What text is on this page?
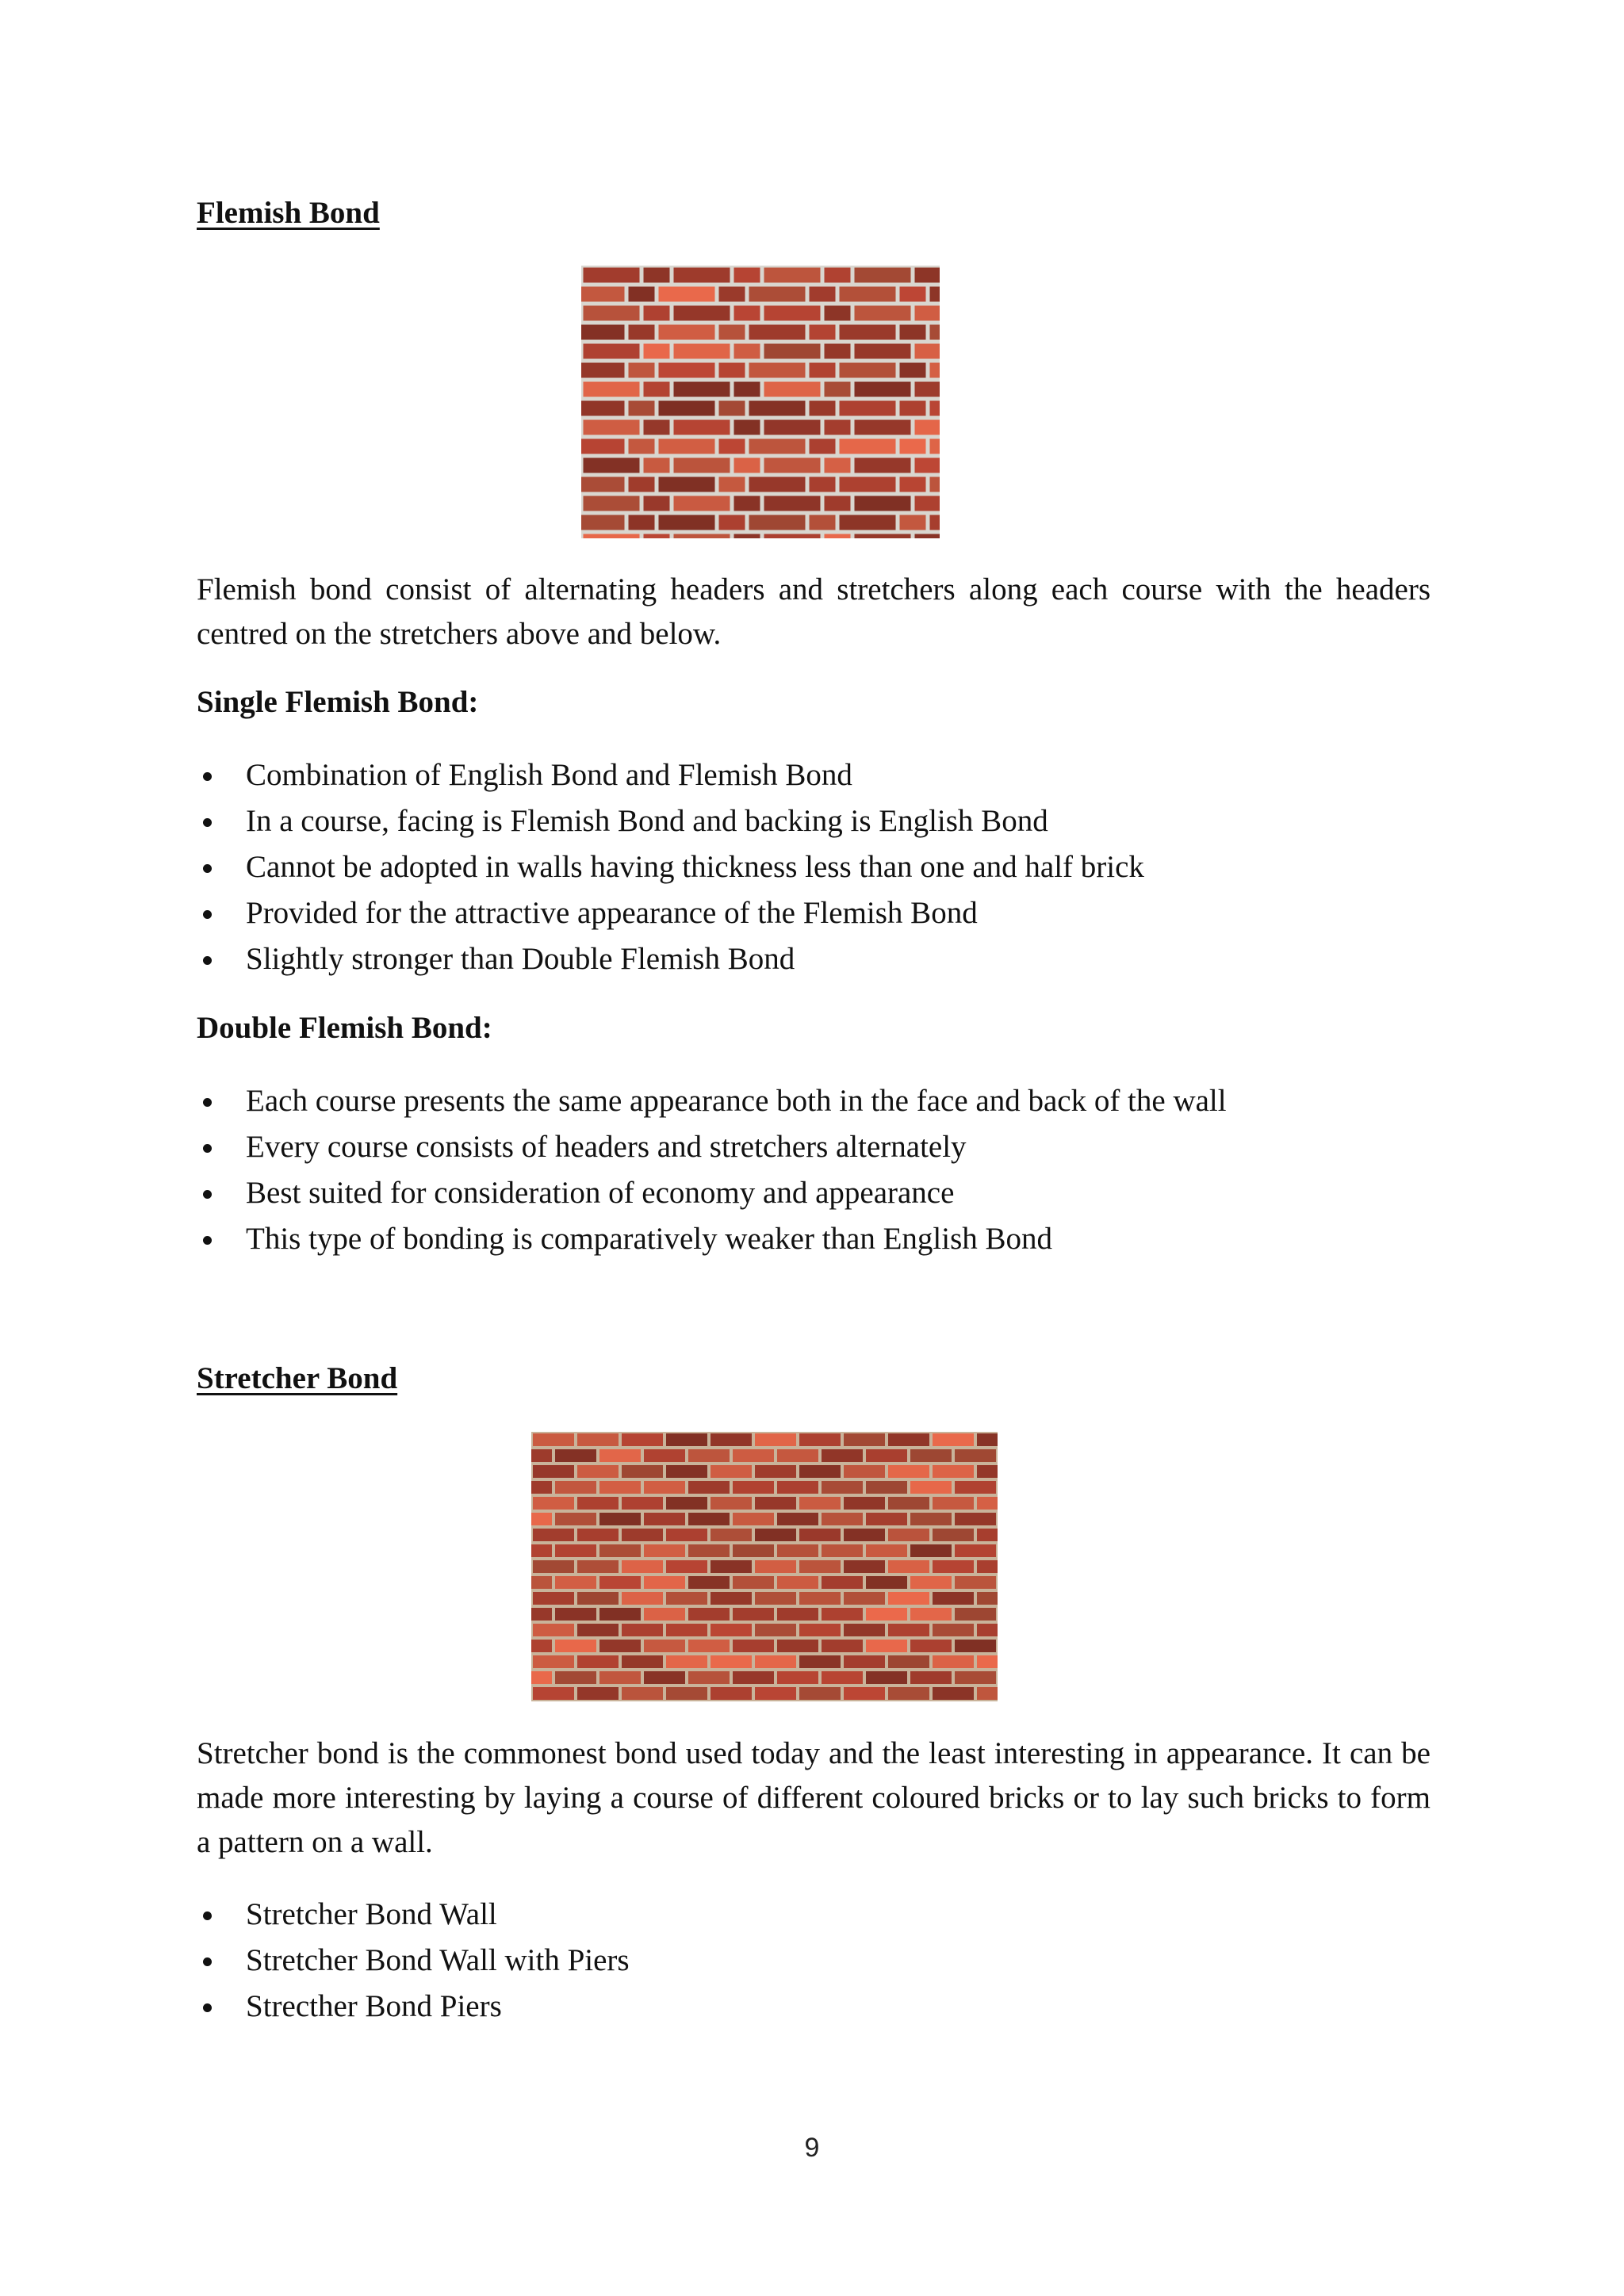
Flemish Bond

Flemish bond consist of alternating headers and stretchers along each course with the headers centred on the stretchers above and below.

Single Flemish Bond:
Combination of English Bond and Flemish Bond
In a course, facing is Flemish Bond and backing is English Bond
Cannot be adopted in walls having thickness less than one and half brick
Provided for the attractive appearance of the Flemish Bond
Slightly stronger than Double Flemish Bond
Double Flemish Bond:
Each course presents the same appearance both in the face and back of the wall
Every course consists of headers and stretchers alternately
Best suited for consideration of economy and appearance
This type of bonding is comparatively weaker than English Bond
Stretcher Bond

Stretcher bond is the commonest bond used today and the least interesting in appearance. It can be made more interesting by laying a course of different coloured bricks or to lay such bricks to form a pattern on a wall.

Stretcher Bond Wall
Stretcher Bond Wall with Piers
Strecther Bond Piers
9
